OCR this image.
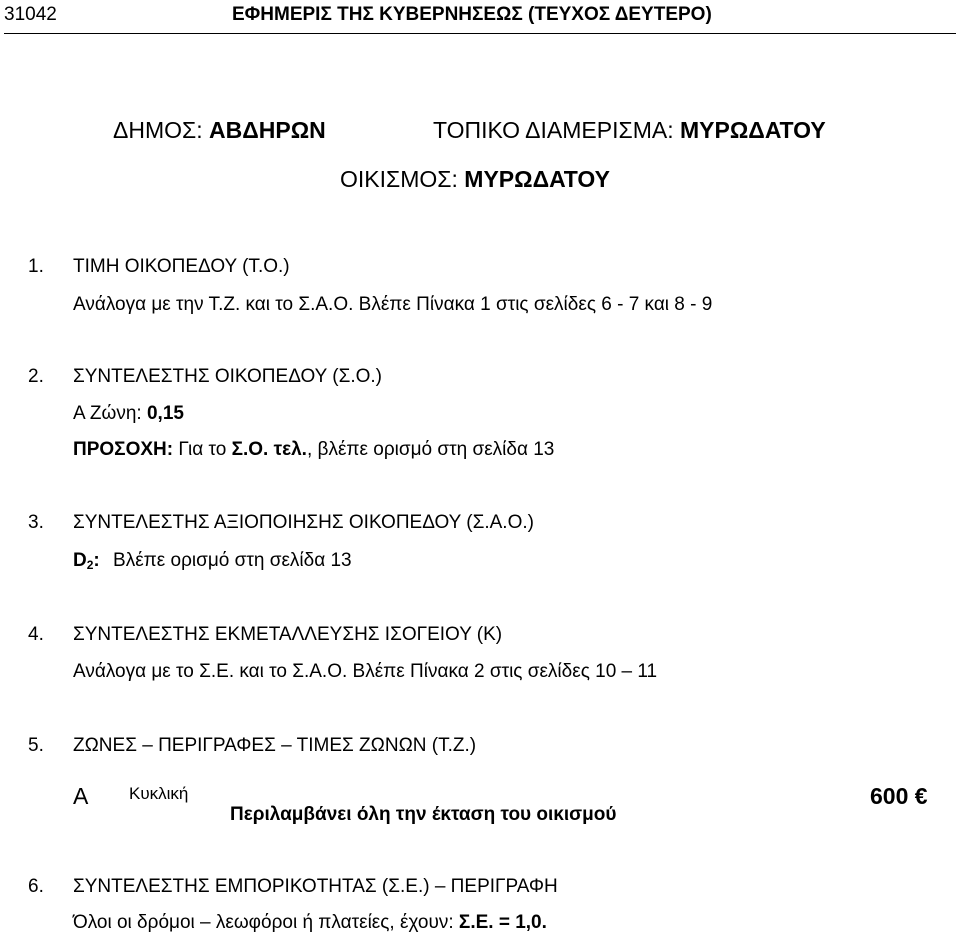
31042	ΕΦΗΜΕΡΙΣ ΤΗΣ ΚΥΒΕΡΝΗΣΕΩΣ (ΤΕΥΧΟΣ ΔΕΥΤΕΡΟ)
ΔΗΜΟΣ: ΑΒΔΗΡΩΝ	ΤΟΠΙΚΟ ΔΙΑΜΕΡΙΣΜΑ: ΜΥΡΩΔΑΤΟΥ
ΟΙΚΙΣΜΟΣ: ΜΥΡΩΔΑΤΟΥ
1. ΤΙΜΗ ΟΙΚΟΠΕΔΟΥ (Τ.Ο.)
Ανάλογα με την Τ.Ζ. και το Σ.Α.Ο. Βλέπε Πίνακα 1 στις σελίδες 6 - 7 και 8 - 9
2. ΣΥΝΤΕΛΕΣΤΗΣ ΟΙΚΟΠΕΔΟΥ (Σ.Ο.)
Α Ζώνη: 0,15
ΠΡΟΣΟΧΗ: Για το Σ.Ο. τελ., βλέπε ορισμό στη σελίδα 13
3. ΣΥΝΤΕΛΕΣΤΗΣ ΑΞΙΟΠΟΙΗΣΗΣ ΟΙΚΟΠΕΔΟΥ (Σ.Α.Ο.)
$D_2$: Βλέπε ορισμό στη σελίδα 13
4. ΣΥΝΤΕΛΕΣΤΗΣ ΕΚΜΕΤΑΛΛΕΥΣΗΣ ΙΣΟΓΕΙΟΥ (Κ)
Ανάλογα με το Σ.Ε. και το Σ.Α.Ο. Βλέπε Πίνακα 2 στις σελίδες 10 – 11
5. ΖΩΝΕΣ – ΠΕΡΙΓΡΑΦΕΣ – ΤΙΜΕΣ ΖΩΝΩΝ (Τ.Ζ.)
Α Κυκλική
Περιλαμβάνει όλη την έκταση του οικισμού
600 €
6. ΣΥΝΤΕΛΕΣΤΗΣ ΕΜΠΟΡΙΚΟΤΗΤΑΣ (Σ.Ε.) – ΠΕΡΙΓΡΑΦΗ
Όλοι οι δρόμοι – λεωφόροι ή πλατείες, έχουν: Σ.Ε. = 1,0.
